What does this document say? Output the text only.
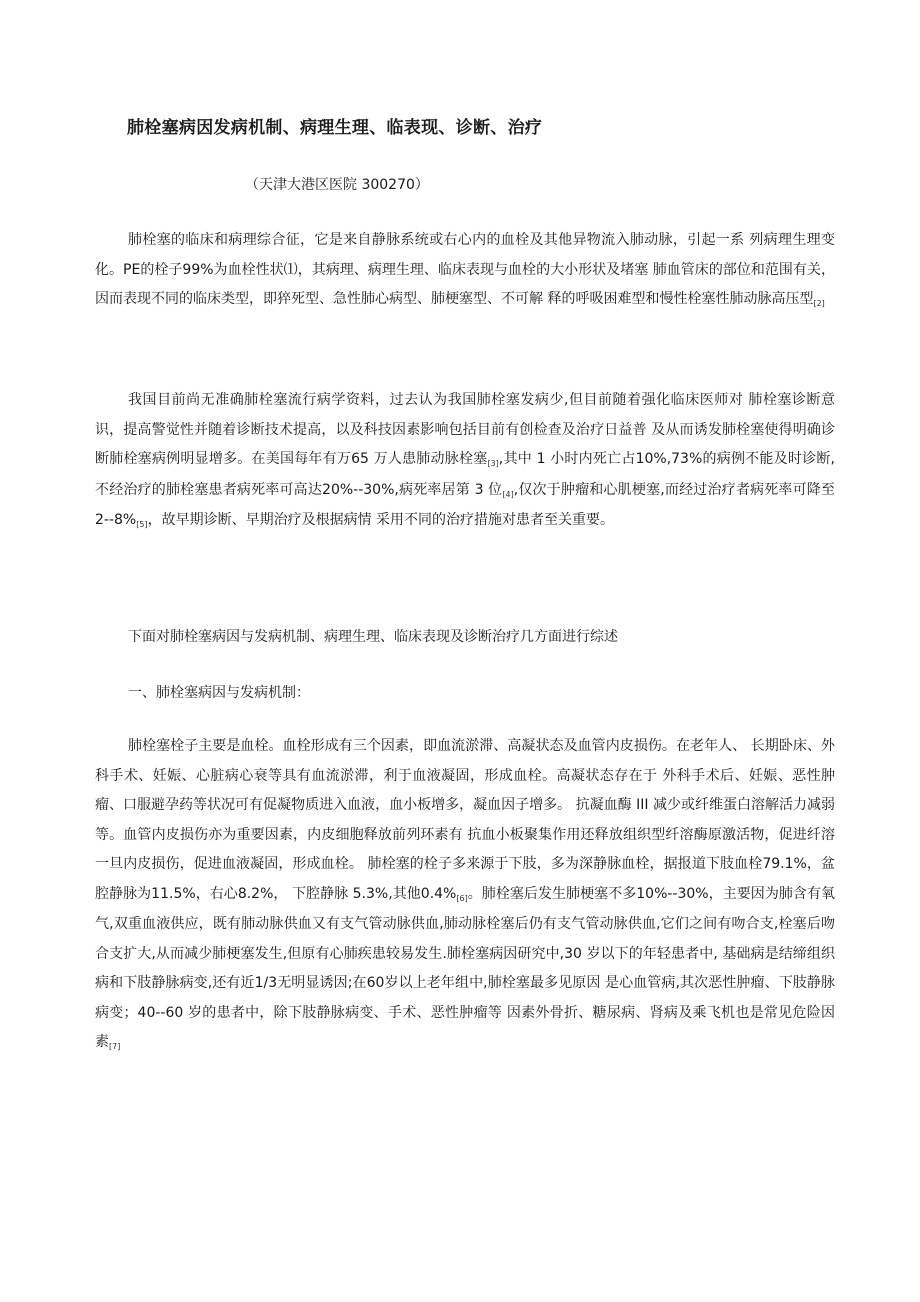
肺栓塞病因发病机制、病理生理、临表现、诊断、治疗
（天津大港区医院 300270）

肺栓塞的临床和病理综合征，它是来自静脉系统或右心内的血栓及其他异物流入肺动脉，引起一系 列病理生理变化。PE的栓子99%为血栓性状⑴，其病理、病理生理、临床表现与血栓的大小形状及堵塞 肺血管床的部位和范围有关，因而表现不同的临床类型，即猝死型、急性肺心病型、肺梗塞型、不可解 释的呼吸困难型和慢性栓塞性肺动脉高压型[2]

我国目前尚无准确肺栓塞流行病学资料，过去认为我国肺栓塞发病少,但目前随着强化临床医师对 肺栓塞诊断意识，提高警觉性并随着诊断技术提高，以及科技因素影响包括目前有创检查及治疗日益普 及从而诱发肺栓塞使得明确诊断肺栓塞病例明显增多。在美国每年有万65 万人患肺动脉栓塞[3],其中 1 小时内死亡占10%,73%的病例不能及时诊断,不经治疗的肺栓塞患者病死率可高达20%--30%,病死率居第 3 位[4],仅次于肿瘤和心肌梗塞,而经过治疗者病死率可降至 2--8%[5]，故早期诊断、早期治疗及根据病情 采用不同的治疗措施对患者至关重要。

下面对肺栓塞病因与发病机制、病理生理、临床表现及诊断治疗几方面进行综述
一、肺栓塞病因与发病机制：

肺栓塞栓子主要是血栓。血栓形成有三个因素，即血流淤滞、高凝状态及血管内皮损伤。在老年人、 长期卧床、外科手术、妊娠、心脏病心衰等具有血流淤滞，利于血液凝固，形成血栓。高凝状态存在于 外科手术后、妊娠、恶性肿瘤、口服避孕药等状况可有促凝物质进入血液，血小板增多，凝血因子增多。 抗凝血酶 III 减少或纤维蛋白溶解活力减弱等。血管内皮损伤亦为重要因素，内皮细胞释放前列环素有 抗血小板聚集作用还释放组织型纤溶酶原激活物，促进纤溶一旦内皮损伤，促进血液凝固，形成血栓。 肺栓塞的栓子多来源于下肢，多为深静脉血栓，据报道下肢血栓79.1%，盆腔静脉为11.5%，右心8.2%， 下腔静脉 5.3%,其他0.4%[6]。肺栓塞后发生肺梗塞不多10%--30%，主要因为肺含有氧气,双重血液供应，既有肺动脉供血又有支气管动脉供血,肺动脉栓塞后仍有支气管动脉供血,它们之间有吻合支,栓塞后吻 合支扩大,从而减少肺梗塞发生,但原有心肺疾患较易发生.肺栓塞病因研究中,30 岁以下的年轻患者中, 基础病是结缔组织病和下肢静脉病变,还有近1/3无明显诱因;在60岁以上老年组中,肺栓塞最多见原因 是心血管病,其次恶性肿瘤、下肢静脉病变；40--60 岁的患者中，除下肢静脉病变、手术、恶性肿瘤等 因素外骨折、糖尿病、肾病及乘飞机也是常见危险因素[7]
